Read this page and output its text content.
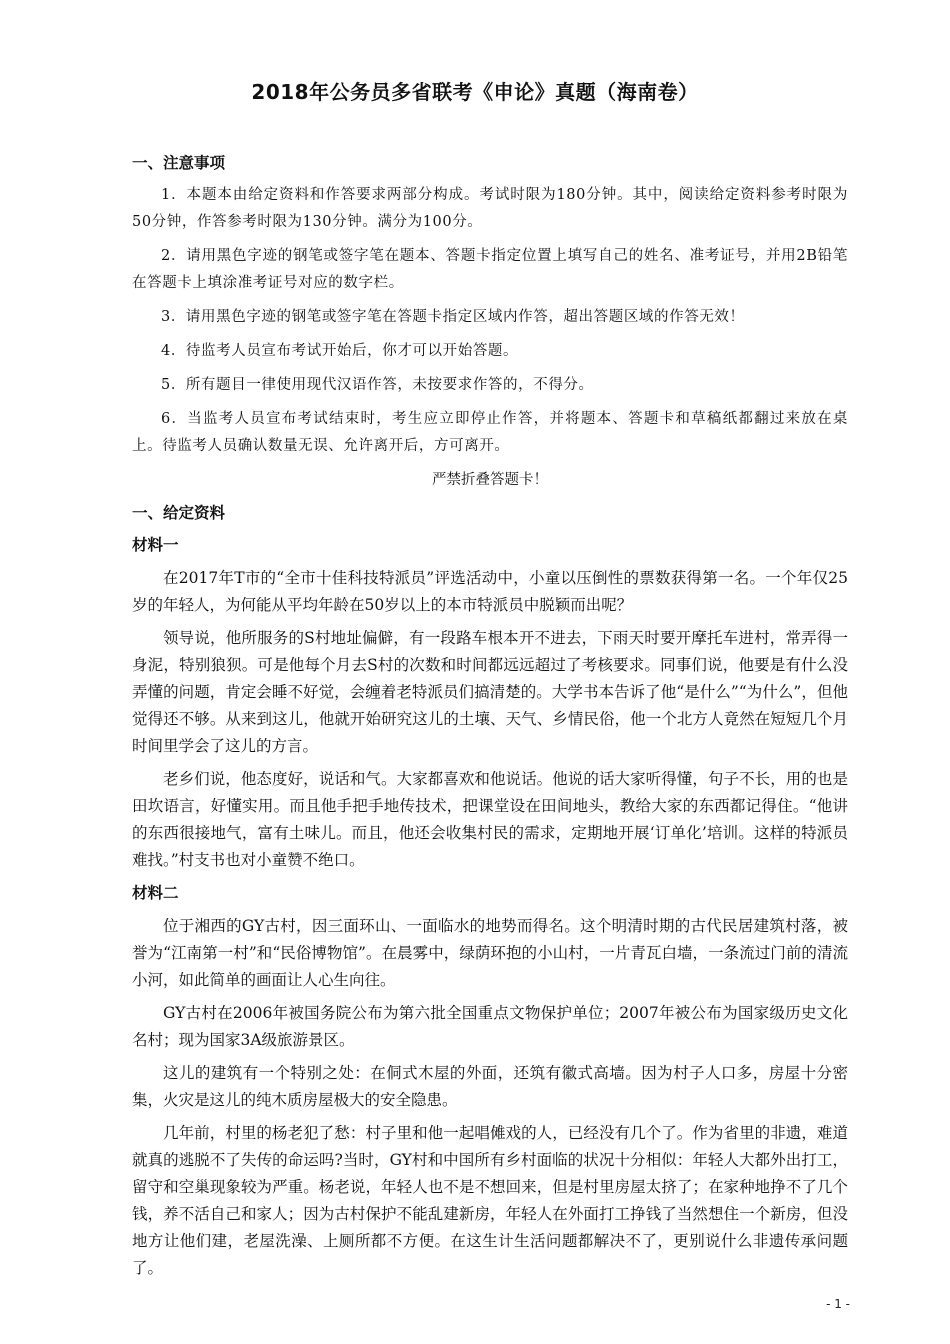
2018年公务员多省联考《申论》真题（海南卷）
一、注意事项

1．本题本由给定资料和作答要求两部分构成。考试时限为180分钟。其中，阅读给定资料参考时限为50分钟，作答参考时限为130分钟。满分为100分。

2．请用黑色字迹的钢笔或签字笔在题本、答题卡指定位置上填写自己的姓名、准考证号，并用2B铅笔在答题卡上填涂准考证号对应的数字栏。

3．请用黑色字迹的钢笔或签字笔在答题卡指定区域内作答，超出答题区域的作答无效！

4．待监考人员宣布考试开始后，你才可以开始答题。

5．所有题目一律使用现代汉语作答，未按要求作答的，不得分。

6．当监考人员宣布考试结束时，考生应立即停止作答，并将题本、答题卡和草稿纸都翻过来放在桌上。待监考人员确认数量无误、允许离开后，方可离开。

严禁折叠答题卡！
一、给定资料
材料一

在2017年T市的“全市十佳科技特派员”评选活动中，小童以压倒性的票数获得第一名。一个年仅25岁的年轻人，为何能从平均年龄在50岁以上的本市特派员中脱颖而出呢？

领导说，他所服务的S村地址偏僻，有一段路车根本开不进去，下雨天时要开摩托车进村，常弄得一身泥，特别狼狈。可是他每个月去S村的次数和时间都远远超过了考核要求。同事们说，他要是有什么没弄懂的问题，肯定会睡不好觉，会缠着老特派员们搞清楚的。大学书本告诉了他“是什么”“为什么”，但他觉得还不够。从来到这儿，他就开始研究这儿的土壤、天气、乡情民俗，他一个北方人竟然在短短几个月时间里学会了这儿的方言。

老乡们说，他态度好，说话和气。大家都喜欢和他说话。他说的话大家听得懂，句子不长，用的也是田坎语言，好懂实用。而且他手把手地传技术，把课堂设在田间地头，教给大家的东西都记得住。“他讲的东西很接地气，富有土味儿。而且，他还会收集村民的需求，定期地开展‘订单化’培训。这样的特派员难找。”村支书也对小童赞不绝口。

材料二

位于湘西的GY古村，因三面环山、一面临水的地势而得名。这个明清时期的古代民居建筑村落，被誉为“江南第一村”和“民俗博物馆”。在晨雾中，绿荫环抱的小山村，一片青瓦白墙，一条流过门前的清流小河，如此简单的画面让人心生向往。

GY古村在2006年被国务院公布为第六批全国重点文物保护单位；2007年被公布为国家级历史文化名村；现为国家3A级旅游景区。

这儿的建筑有一个特别之处：在侗式木屋的外面，还筑有徽式高墙。因为村子人口多，房屋十分密集，火灾是这儿的纯木质房屋极大的安全隐患。

几年前，村里的杨老犯了愁：村子里和他一起唱傩戏的人，已经没有几个了。作为省里的非遗，难道就真的逃脱不了失传的命运吗?当时，GY村和中国所有乡村面临的状况十分相似：年轻人大都外出打工，留守和空巢现象较为严重。杨老说，年轻人也不是不想回来，但是村里房屋太挤了；在家种地挣不了几个钱，养不活自己和家人；因为古村保护不能乱建新房，年轻人在外面打工挣钱了当然想住一个新房，但没地方让他们建，老屋洗澡、上厕所都不方便。在这生计生活问题都解决不了，更别说什么非遗传承问题了。

- 1 -
